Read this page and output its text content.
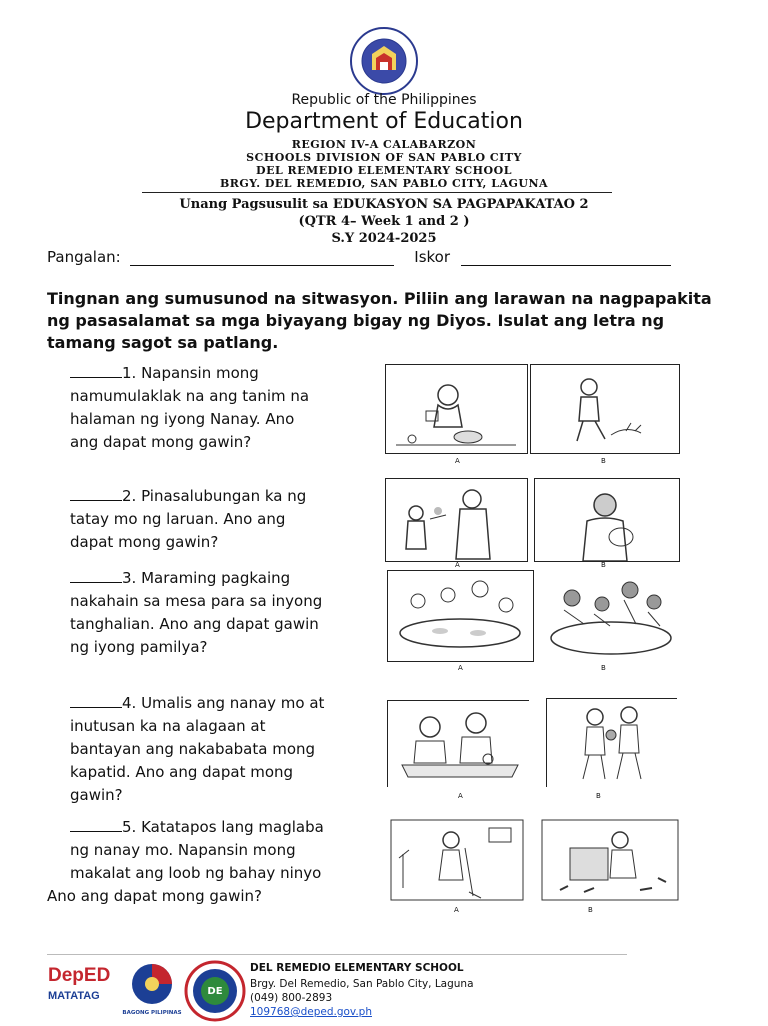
Republic of the Philippines
Department of Education
REGION IV-A CALABARZON
SCHOOLS DIVISION OF SAN PABLO CITY
DEL REMEDIO ELEMENTARY SCHOOL
BRGY. DEL REMEDIO, SAN PABLO CITY, LAGUNA
Unang Pagsusulit sa EDUKASYON SA PAGPAPAKATAO 2
(QTR 4– Week 1 and 2 )
S.Y 2024-2025
Pangalan:	Iskor
Tingnan ang sumusunod na sitwasyon. Piliin ang larawan na nagpapakita ng pasasalamat sa mga biyayang bigay ng Diyos. Isulat ang letra ng tamang sagot sa patlang.
1. Napansin mong
namumulaklak na ang tanim na
halaman ng iyong Nanay. Ano
ang dapat mong gawin?
2. Pinasalubungan ka ng
tatay mo ng laruan. Ano ang
dapat mong gawin?
3. Maraming pagkaing
nakahain sa mesa para sa inyong
tanghalian. Ano ang dapat gawin
ng iyong pamilya?
4. Umalis ang nanay mo at
inutusan ka na alagaan at
bantayan ang nakababata mong
kapatid. Ano ang dapat mong
gawin?
5. Katatapos lang maglaba
ng nanay mo. Napansin mong
makalat ang loob ng bahay ninyo
Ano ang dapat mong gawin?
A	B
A	B
A	B
A	B
A	B
DepED
MATATAG
BAGONG PILIPINAS
DE
DEL REMEDIO ELEMENTARY SCHOOL
Brgy. Del Remedio, San Pablo City, Laguna
(049) 800-2893
109768@deped.gov.ph
